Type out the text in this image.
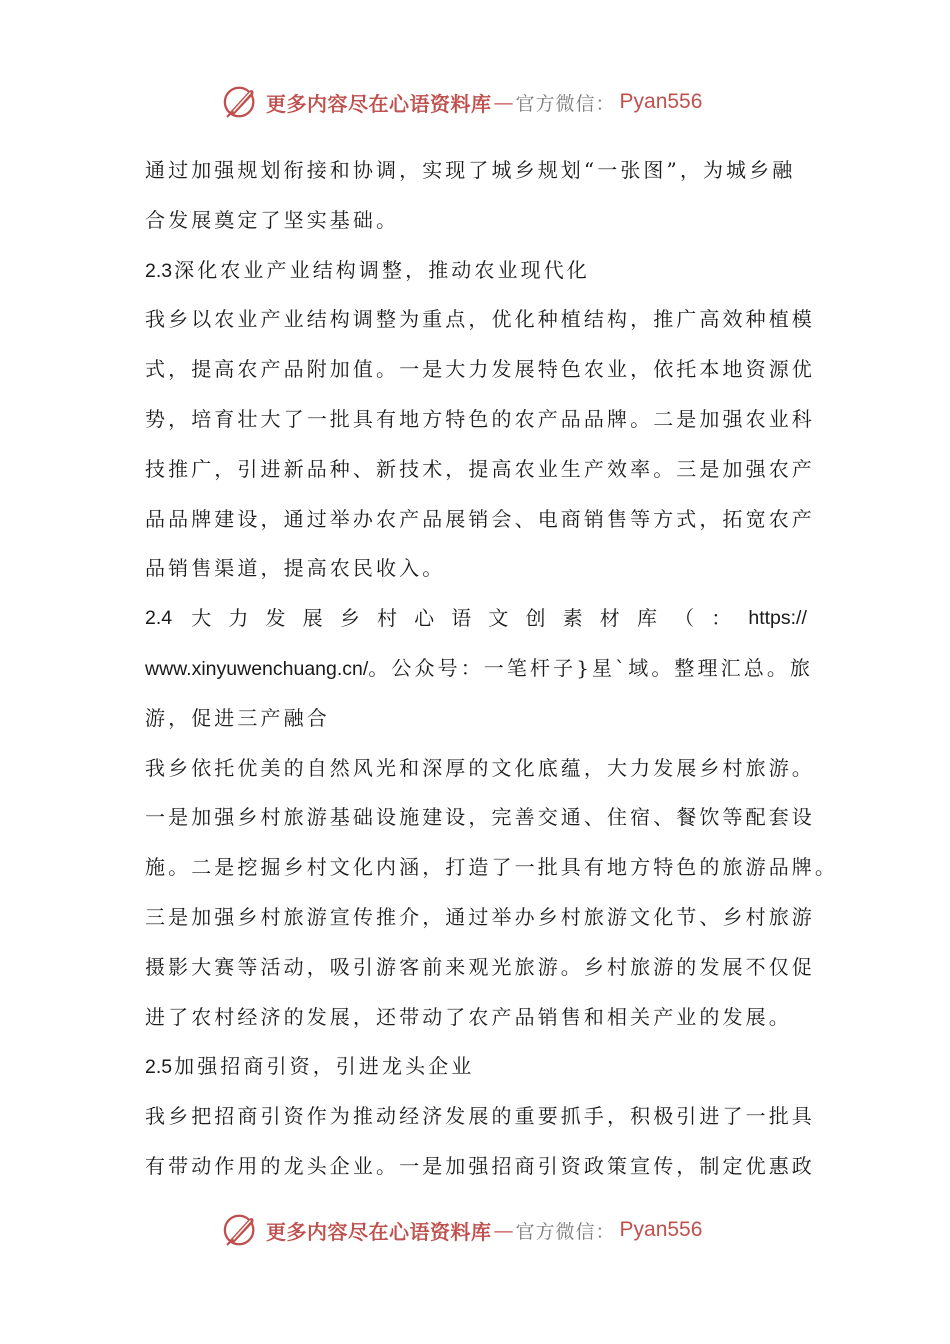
更多内容尽在心语资料库 — 官方微信： Pyan556
通过加强规划衔接和协调，实现了城乡规划“一张图”，为城乡融
合发展奠定了坚实基础。
2.3 深化农业产业结构调整，推动农业现代化
我乡以农业产业结构调整为重点，优化种植结构，推广高效种植模
式，提高农产品附加值。一是大力发展特色农业，依托本地资源优
势，培育壮大了一批具有地方特色的农产品品牌。二是加强农业科
技推广，引进新品种、新技术，提高农业生产效率。三是加强农产
品品牌建设，通过举办农产品展销会、电商销售等方式，拓宽农产
品销售渠道，提高农民收入。
2.4 大 力 发 展 乡 村 心 语 文 创 素 材 库 （ ： https://
www.xinyuwenchuang.cn/。公众号：一笔杆子}星`域。整理汇总。旅
游，促进三产融合
我乡依托优美的自然风光和深厚的文化底蕴，大力发展乡村旅游。
一是加强乡村旅游基础设施建设，完善交通、住宿、餐饮等配套设
施。二是挖掘乡村文化内涵，打造了一批具有地方特色的旅游品牌。
三是加强乡村旅游宣传推介，通过举办乡村旅游文化节、乡村旅游
摄影大赛等活动，吸引游客前来观光旅游。乡村旅游的发展不仅促
进了农村经济的发展，还带动了农产品销售和相关产业的发展。
2.5 加强招商引资，引进龙头企业
我乡把招商引资作为推动经济发展的重要抓手，积极引进了一批具
有带动作用的龙头企业。一是加强招商引资政策宣传，制定优惠政
更多内容尽在心语资料库 — 官方微信： Pyan556
